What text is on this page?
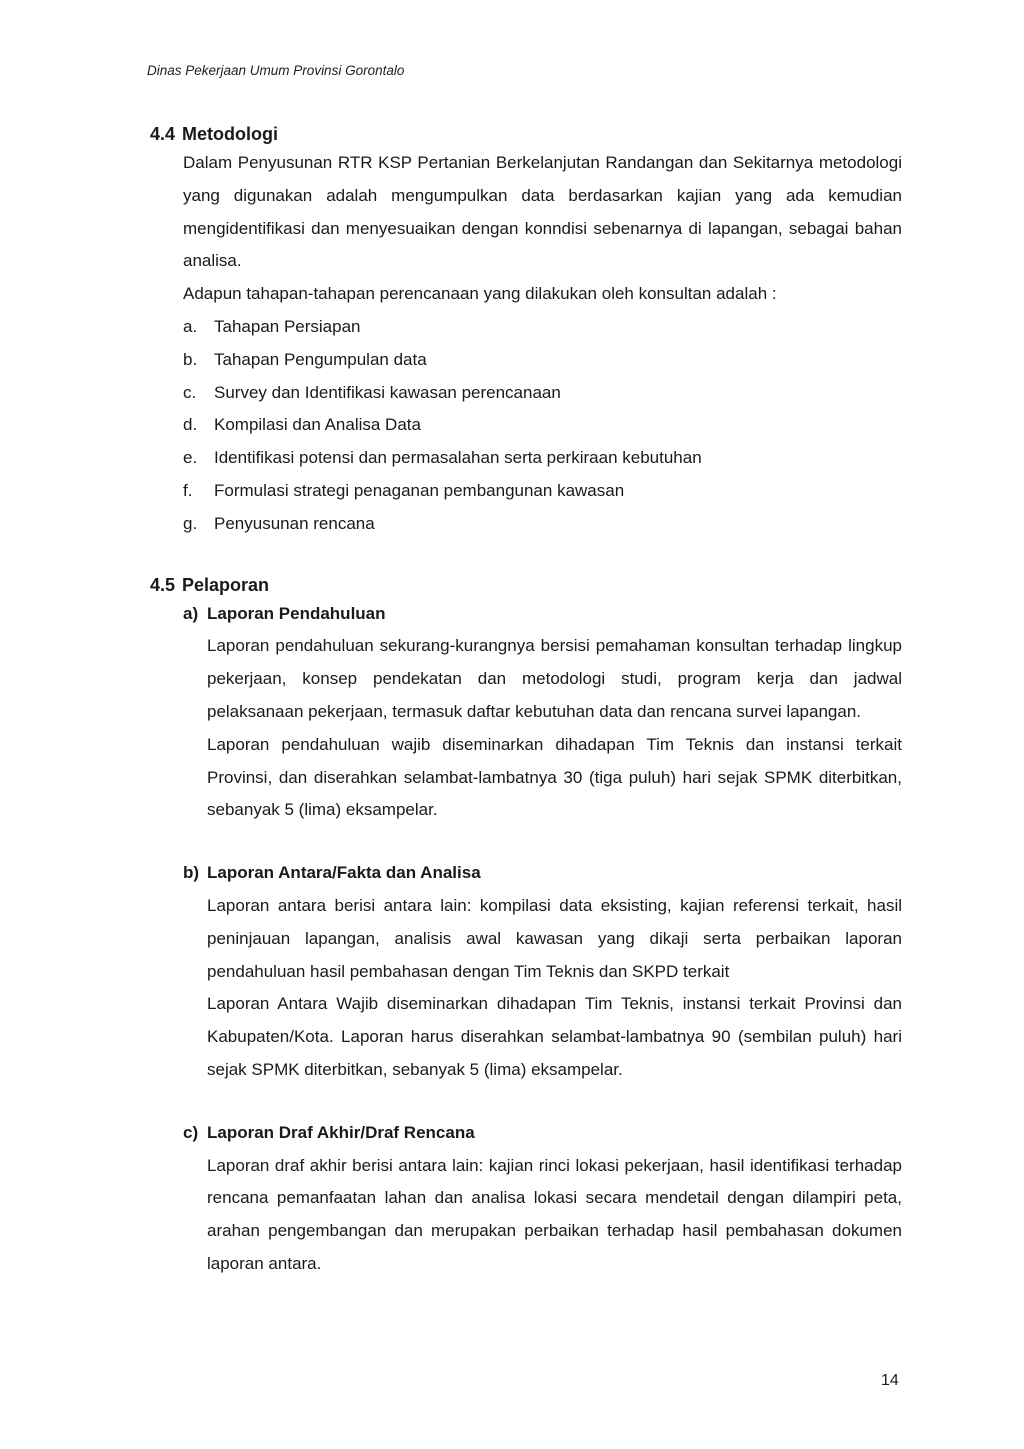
Dinas Pekerjaan Umum Provinsi Gorontalo
4.4 Metodologi

Dalam Penyusunan RTR KSP Pertanian Berkelanjutan Randangan dan Sekitarnya metodologi yang digunakan adalah mengumpulkan data berdasarkan kajian yang ada kemudian mengidentifikasi dan menyesuaikan dengan konndisi sebenarnya di lapangan, sebagai bahan analisa.

Adapun tahapan-tahapan perencanaan yang dilakukan oleh konsultan adalah :

a. Tahapan Persiapan
b. Tahapan Pengumpulan data
c.	Survey dan Identifikasi kawasan perencanaan
d. Kompilasi dan Analisa Data
e. Identifikasi potensi dan permasalahan serta perkiraan kebutuhan
f.	Formulasi strategi penaganan pembangunan kawasan
g. Penyusunan rencana
4.5 Pelaporan
a) Laporan Pendahuluan

Laporan pendahuluan sekurang-kurangnya bersisi pemahaman konsultan terhadap lingkup pekerjaan, konsep pendekatan dan metodologi studi, program kerja dan jadwal pelaksanaan pekerjaan, termasuk daftar kebutuhan data dan rencana survei lapangan.

Laporan pendahuluan wajib diseminarkan dihadapan Tim Teknis dan instansi terkait Provinsi, dan diserahkan selambat-lambatnya 30 (tiga puluh) hari sejak SPMK diterbitkan, sebanyak 5 (lima) eksampelar.

b) Laporan Antara/Fakta dan Analisa

Laporan antara berisi antara lain: kompilasi data eksisting, kajian referensi terkait, hasil peninjauan lapangan, analisis awal kawasan yang dikaji serta perbaikan laporan pendahuluan hasil pembahasan dengan Tim Teknis dan SKPD terkait

Laporan Antara Wajib diseminarkan dihadapan Tim Teknis, instansi terkait Provinsi dan Kabupaten/Kota. Laporan harus diserahkan selambat-lambatnya 90 (sembilan puluh) hari sejak SPMK diterbitkan, sebanyak 5 (lima) eksampelar.

c) Laporan Draf Akhir/Draf Rencana

Laporan draf akhir berisi antara lain: kajian rinci lokasi pekerjaan, hasil identifikasi terhadap rencana pemanfaatan lahan dan analisa lokasi secara mendetail dengan dilampiri peta, arahan pengembangan dan merupakan perbaikan terhadap hasil pembahasan dokumen laporan antara.

14
